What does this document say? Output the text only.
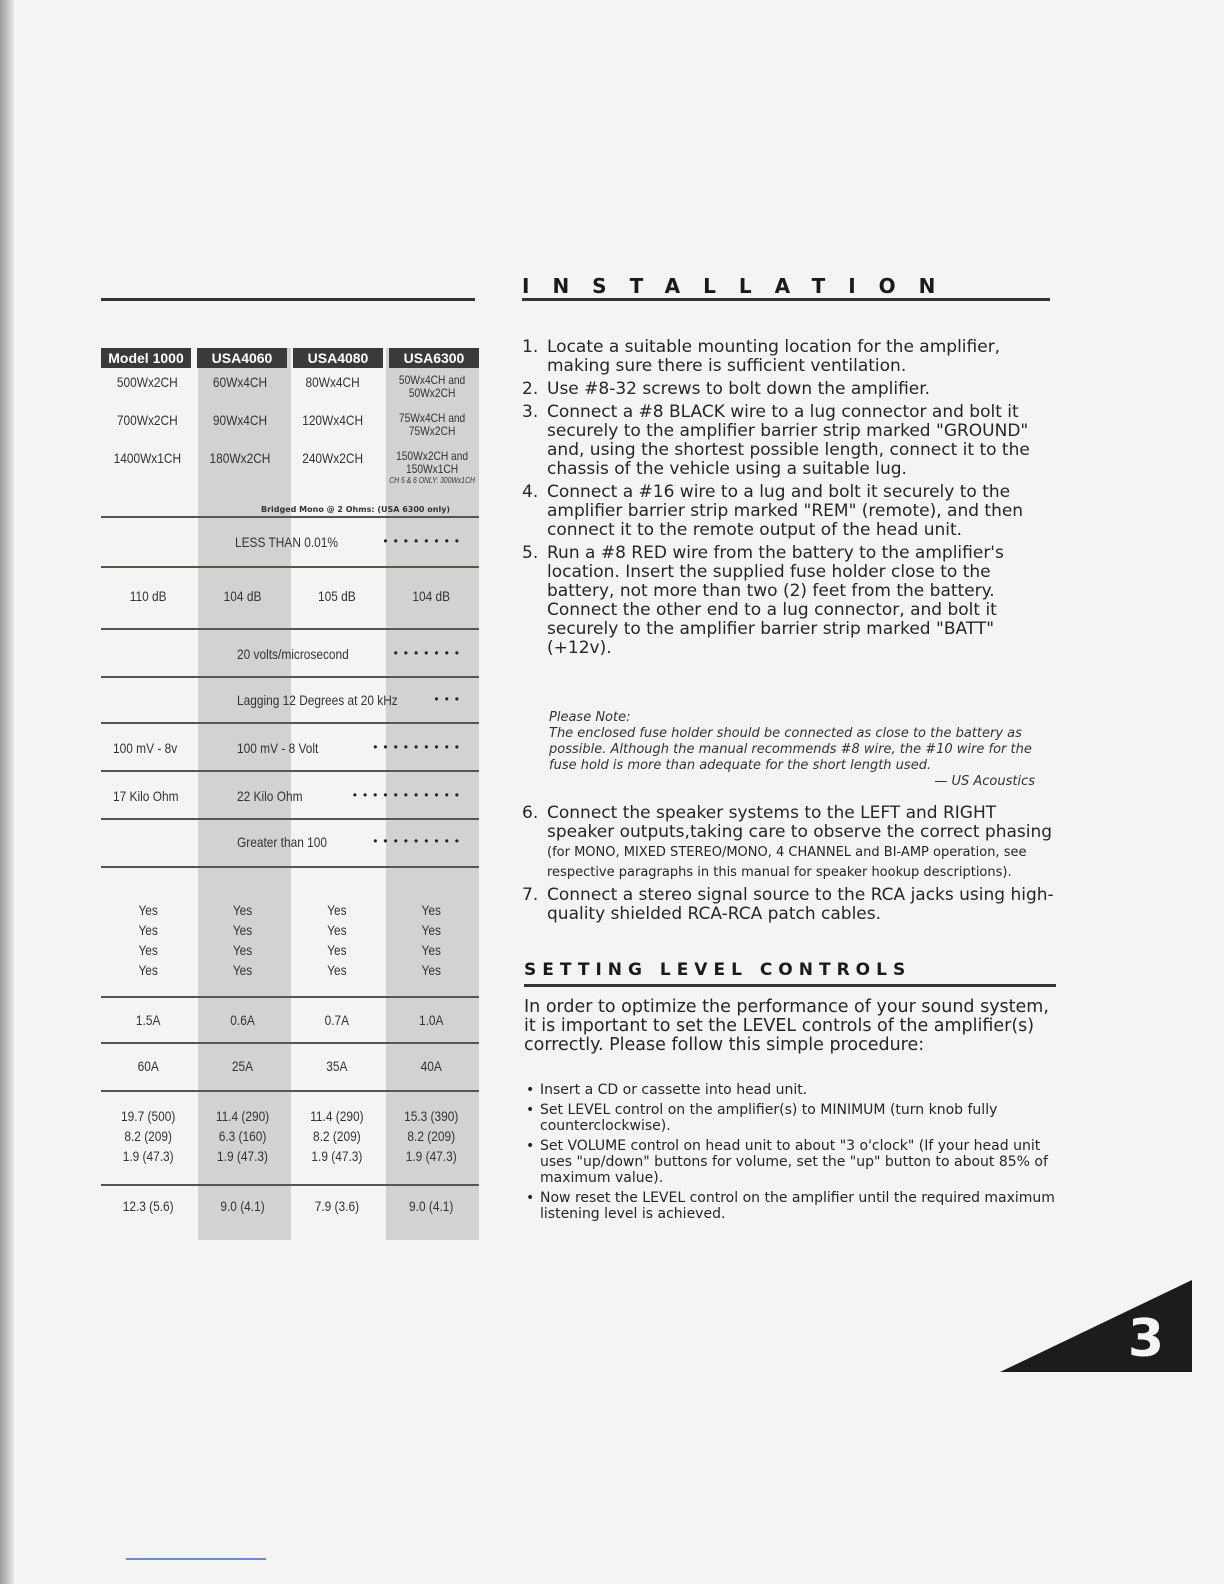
Model 1000	USA4060	USA4080	USA6300
500Wx2CH	60Wx4CH	80Wx4CH	50Wx4CH and 50Wx2CH
700Wx2CH	90Wx4CH	120Wx4CH	75Wx4CH and 75Wx2CH
1400Wx1CH	180Wx2CH	240Wx2CH	150Wx2CH and 150Wx1CH
CH 5 & 6 ONLY: 300Wx1CH
Bridged Mono @ 2 Ohms: (USA 6300 only)
LESS THAN 0.01%	••••••••
110 dB	104 dB	105 dB	104 dB
20 volts/microsecond	•••••••
Lagging 12 Degrees at 20 kHz	•••
100 mV - 8v	100 mV - 8 Volt	•••••••••
17 Kilo Ohm	22 Kilo Ohm	•••••••••••
Greater than 100	•••••••••
Yes	Yes	Yes	Yes
Yes	Yes	Yes	Yes
Yes	Yes	Yes	Yes
Yes	Yes	Yes	Yes
1.5A	0.6A	0.7A	1.0A
60A	25A	35A	40A
19.7 (500)	11.4 (290)	11.4 (290)	15.3 (390)
8.2 (209)	6.3 (160)	8.2 (209)	8.2 (209)
1.9 (47.3)	1.9 (47.3)	1.9 (47.3)	1.9 (47.3)
12.3 (5.6)	9.0 (4.1)	7.9 (3.6)	9.0 (4.1)
INSTALLATION
1. Locate a suitable mounting location for the amplifier, making sure there is sufficient ventilation.
2. Use #8-32 screws to bolt down the amplifier.
3. Connect a #8 BLACK wire to a lug connector and bolt it securely to the amplifier barrier strip marked "GROUND" and, using the shortest possible length, connect it to the chassis of the vehicle using a suitable lug.
4. Connect a #16 wire to a lug and bolt it securely to the amplifier barrier strip marked "REM" (remote), and then connect it to the remote output of the head unit.
5. Run a #8 RED wire from the battery to the amplifier's location. Insert the supplied fuse holder close to the battery, not more than two (2) feet from the battery. Connect the other end to a lug connector, and bolt it securely to the amplifier barrier strip marked "BATT" (+12v).
Please Note:
The enclosed fuse holder should be connected as close to the battery as possible. Although the manual recommends #8 wire, the #10 wire for the fuse hold is more than adequate for the short length used.
— US Acoustics
6. Connect the speaker systems to the LEFT and RIGHT speaker outputs,taking care to observe the correct phasing (for MONO, MIXED STEREO/MONO, 4 CHANNEL and BI-AMP operation, see respective paragraphs in this manual for speaker hookup descriptions).
7. Connect a stereo signal source to the RCA jacks using high-quality shielded RCA-RCA patch cables.
SETTING LEVEL CONTROLS
In order to optimize the performance of your sound system, it is important to set the LEVEL controls of the amplifier(s) correctly. Please follow this simple procedure:
• Insert a CD or cassette into head unit.
• Set LEVEL control on the amplifier(s) to MINIMUM (turn knob fully counterclockwise).
• Set VOLUME control on head unit to about "3 o'clock" (If your head unit uses "up/down" buttons for volume, set the "up" button to about 85% of maximum value).
• Now reset the LEVEL control on the amplifier until the required maximum listening level is achieved.
3
